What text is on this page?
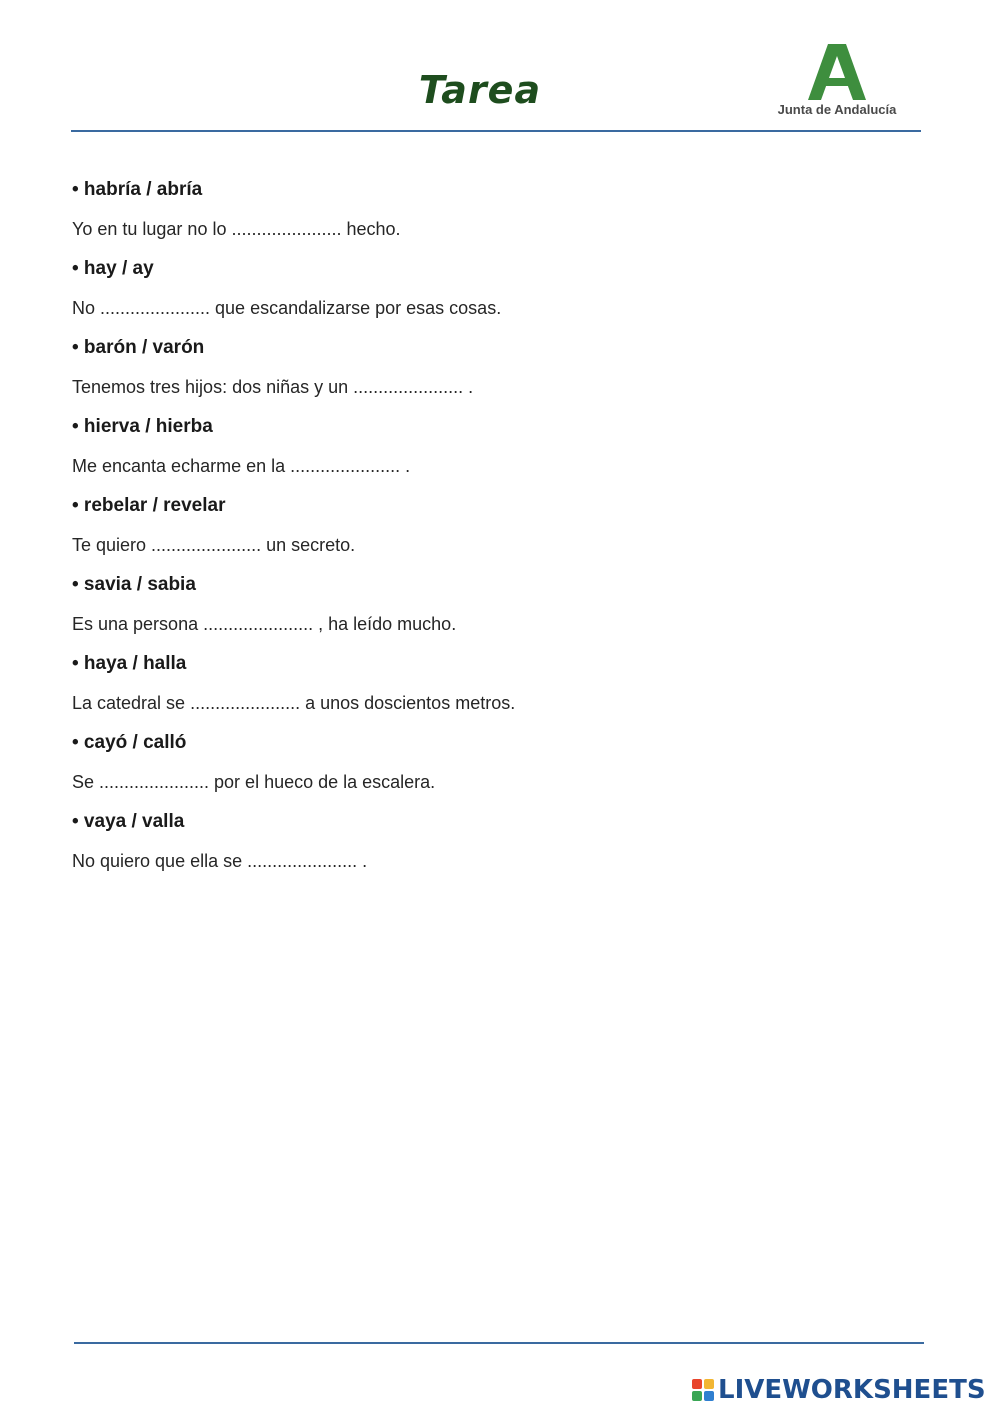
Tarea	Junta de Andalucía
• habría / abría
Yo en tu lugar no lo ...................... hecho.
• hay / ay
No ...................... que escandalizarse por esas cosas.
• barón / varón
Tenemos tres hijos: dos niñas y un ...................... .
• hierva / hierba
Me encanta echarme en la ...................... .
• rebelar / revelar
Te quiero ...................... un secreto.
• savia / sabia
Es una persona ...................... , ha leído mucho.
• haya / halla
La catedral se ...................... a unos doscientos metros.
• cayó / calló
Se ...................... por el hueco de la escalera.
• vaya / valla
No quiero que ella se ...................... .
LIVEWORKSHEETS
